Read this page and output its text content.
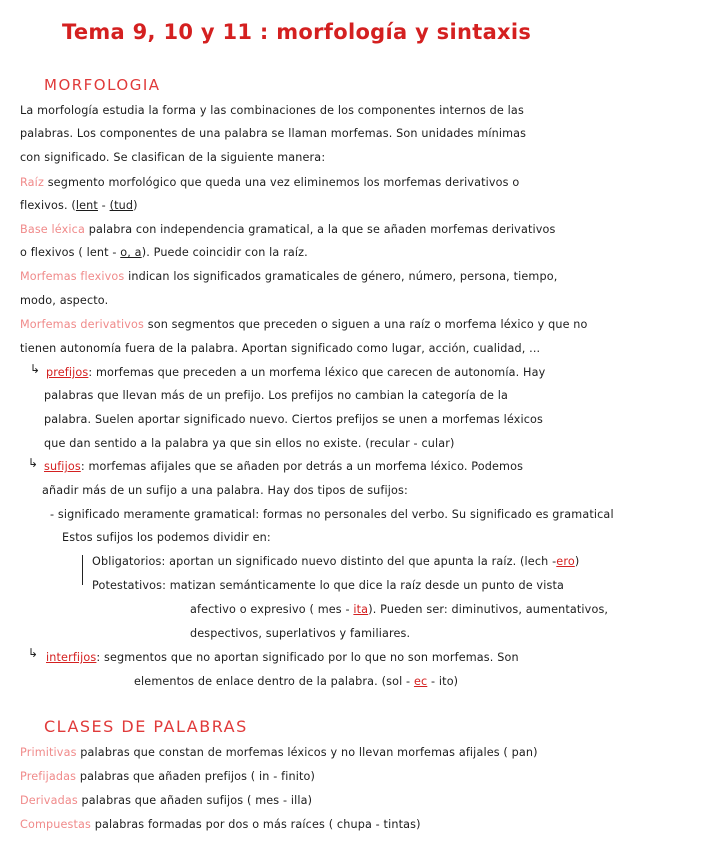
Tema 9, 10 y 11 : morfología y sintaxis
MORFOLOGIA
La morfología estudia la forma y las combinaciones de los componentes internos de las
palabras. Los componentes de una palabra se llaman morfemas. Son unidades mínimas
con significado. Se clasifican de la siguiente manera:
Raíz segmento morfológico que queda una vez eliminemos los morfemas derivativos o
flexivos. (lent - (tud)
Base léxica palabra con independencia gramatical, a la que se añaden morfemas derivativos
o flexivos ( lent - o, a). Puede coincidir con la raíz.
Morfemas flexivos indican los significados gramaticales de género, número, persona, tiempo,
modo, aspecto.
Morfemas derivativos son segmentos que preceden o siguen a una raíz o morfema léxico y que no
tienen autonomía fuera de la palabra. Aportan significado como lugar, acción, cualidad, ...
↳ prefijos: morfemas que preceden a un morfema léxico que carecen de autonomía. Hay
palabras que llevan más de un prefijo. Los prefijos no cambian la categoría de la
palabra. Suelen aportar significado nuevo. Ciertos prefijos se unen a morfemas léxicos
que dan sentido a la palabra ya que sin ellos no existe. (recular - cular)
↳ sufijos: morfemas afijales que se añaden por detrás a un morfema léxico. Podemos
añadir más de un sufijo a una palabra. Hay dos tipos de sufijos:
- significado meramente gramatical: formas no personales del verbo. Su significado es gramatical
Estos sufijos los podemos dividir en:
Obligatorios: aportan un significado nuevo distinto del que apunta la raíz. (lech -ero)
Potestativos: matizan semánticamente lo que dice la raíz desde un punto de vista
afectivo o expresivo ( mes - ita). Pueden ser: diminutivos, aumentativos,
despectivos, superlativos y familiares.
↳ interfijos: segmentos que no aportan significado por lo que no son morfemas. Son
elementos de enlace dentro de la palabra. (sol - ec - ito)
CLASES DE PALABRAS
Primitivas palabras que constan de morfemas léxicos y no llevan morfemas afijales ( pan)
Prefijadas palabras que añaden prefijos ( in - finito)
Derivadas palabras que añaden sufijos ( mes - illa)
Compuestas palabras formadas por dos o más raíces ( chupa - tintas)
